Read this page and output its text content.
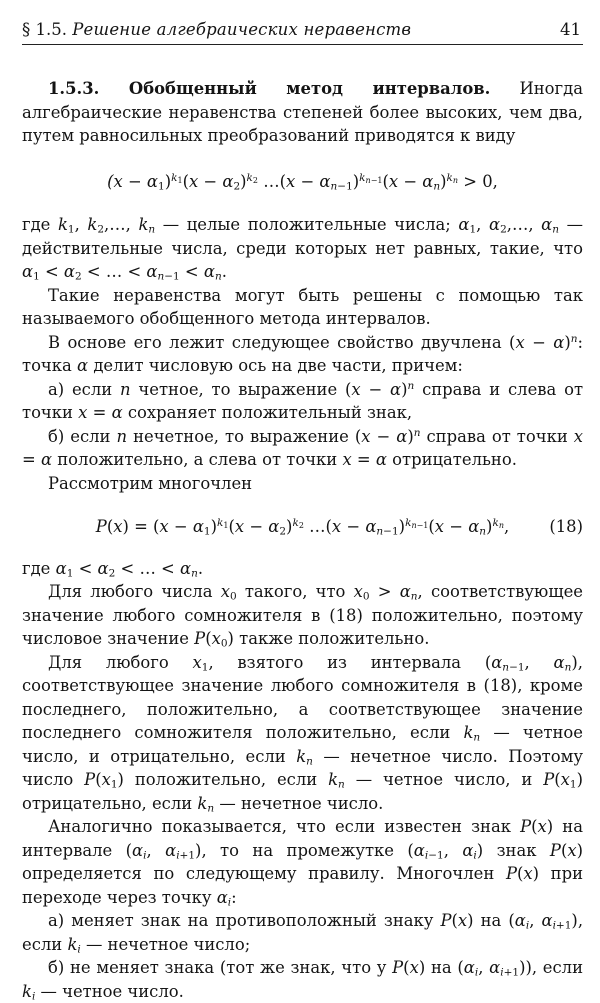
§ 1.5. Решение алгебраических неравенств	41

1.5.3. Обобщенный метод интервалов. Иногда алгебраические неравенства степеней более высоких, чем два, путем равносильных преобразований приводятся к виду

$(x - \alpha_1)^{k_1}(x - \alpha_2)^{k_2}$ …(x − $\alpha_{n-1})^{k_{n-1}}(x - \alpha_n)^{k_n} > 0$,

где $k_1$, $k_2,\dots$, $k_n$ — целые положительные числа; $\alpha_1$, $\alpha_2,\dots$, $\alpha_n$ — действительные числа, среди которых нет равных, такие, что $\alpha_1 < \alpha_2$ < … < $\alpha_{n-1} < \alpha_n$.

Такие неравенства могут быть решены с помощью так называемого обобщенного метода интервалов.

В основе его лежит следующее свойство двучлена $(x - \alpha)^n$: точка α делит числовую ось на две части, причем:

а) если n четное, то выражение $(x - \alpha)^n$ справа и слева от точки x = α сохраняет положительный знак,

б) если n нечетное, то выражение $(x - \alpha)^n$ справа от точки x = α положительно, а слева от точки x = α отрицательно.

Рассмотрим многочлен

$P(x) = (x - \alpha_1)^{k_1}(x - \alpha_2)^{k_2}$ …(x − $\alpha_{n-1})^{k_{n-1}}(x - \alpha_n)^{k_n}$, (18)

где $\alpha_1 < \alpha_2$ < … < $\alpha_n$.

Для любого числа $x_0$ такого, что $x_0 > \alpha_n$, соответствующее значение любого сомножителя в (18) положительно, поэтому числовое значение $P(x_0)$ также положительно.

Для любого $x_1$, взятого из интервала ($\alpha_{n-1}$, $\alpha_n$), соответствующее значение любого сомножителя в (18), кроме последнего, положительно, а соответствующее значение последнего сомножителя положительно, если $k_n$ — четное число, и отрицательно, если $k_n$ — нечетное число. Поэтому число $P(x_1)$ положительно, если $k_n$ — четное число, и $P(x_1)$ отрицательно, если $k_n$ — нечетное число.

Аналогично показывается, что если известен знак P(x) на интервале ($\alpha_i$, $\alpha_{i+1}$), то на промежутке ($\alpha_{i-1}$, $\alpha_i$) знак P(x) определяется по следующему правилу. Многочлен P(x) при переходе через точку $\alpha_i$:

а) меняет знак на противоположный знаку P(x) на ($\alpha_i$, $\alpha_{i+1}$), если $k_i$ — нечетное число;

б) не меняет знака (тот же знак, что у P(x) на ($\alpha_i$, $\alpha_{i+1}$)), если $k_i$ — четное число.
